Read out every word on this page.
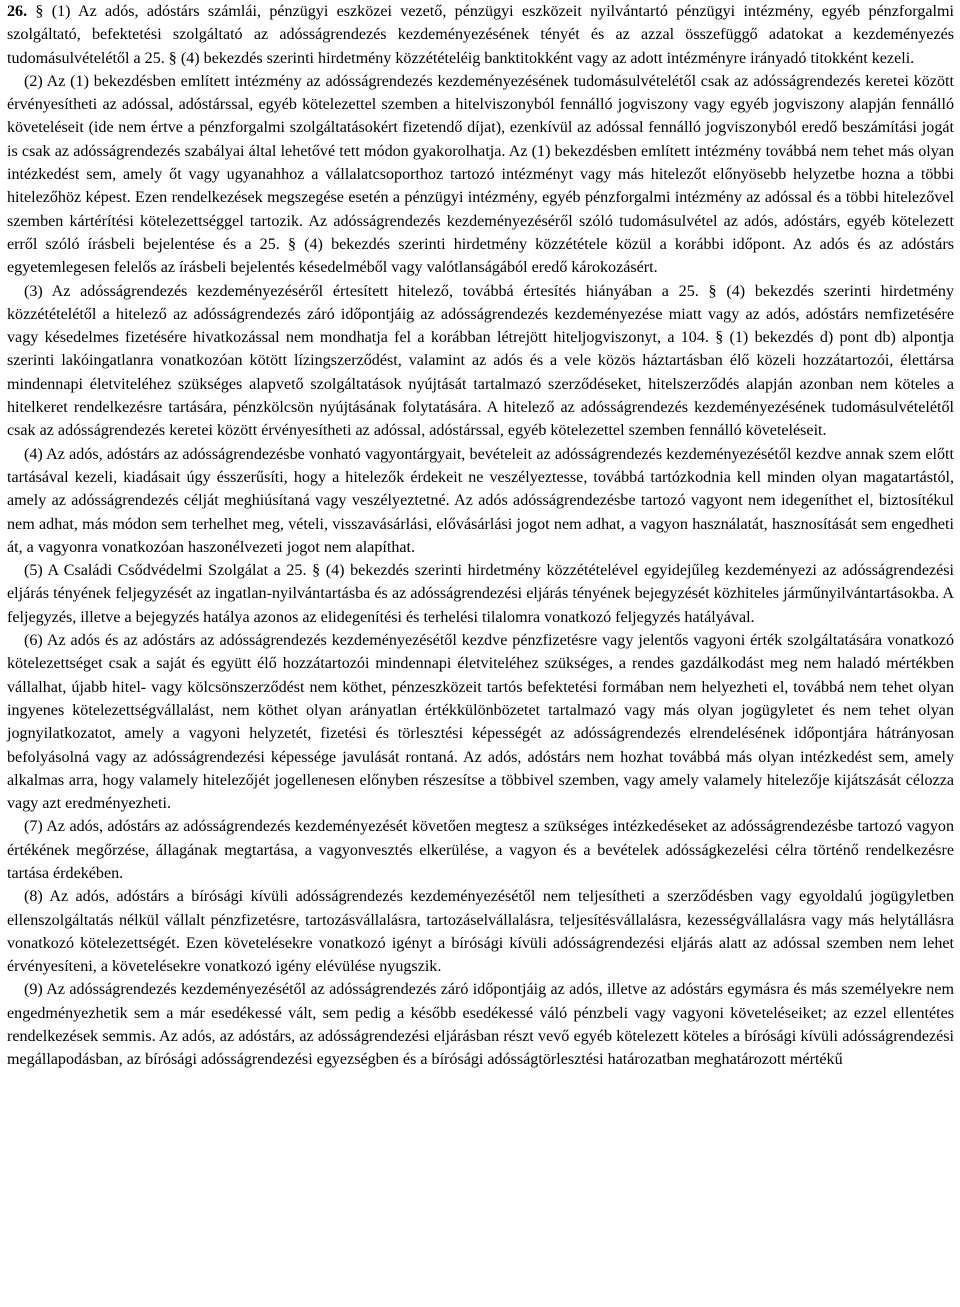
26. § (1) Az adós, adóstárs számlái, pénzügyi eszközei vezető, pénzügyi eszközeit nyilvántartó pénzügyi intézmény, egyéb pénzforgalmi szolgáltató, befektetési szolgáltató az adósságrendezés kezdeményezésének tényét és az azzal összefüggő adatokat a kezdeményezés tudomásulvételétől a 25. § (4) bekezdés szerinti hirdetmény közzétételéig banktitokként vagy az adott intézményre irányadó titokként kezeli.

(2) Az (1) bekezdésben említett intézmény az adósságrendezés kezdeményezésének tudomásulvételétől csak az adósságrendezés keretei között érvényesítheti az adóssal, adóstárssal, egyéb kötelezettel szemben a hitelviszonyból fennálló jogviszony vagy egyéb jogviszony alapján fennálló követeléseit (ide nem értve a pénzforgalmi szolgáltatásokért fizetendő díjat), ezenkívül az adóssal fennálló jogviszonyból eredő beszámítási jogát is csak az adósságrendezés szabályai által lehetővé tett módon gyakorolhatja. Az (1) bekezdésben említett intézmény továbbá nem tehet más olyan intézkedést sem, amely őt vagy ugyanahhoz a vállalatcsoporthoz tartozó intézményt vagy más hitelezőt előnyösebb helyzetbe hozna a többi hitelezőhöz képest. Ezen rendelkezések megszegése esetén a pénzügyi intézmény, egyéb pénzforgalmi intézmény az adóssal és a többi hitelezővel szemben kártérítési kötelezettséggel tartozik. Az adósságrendezés kezdeményezéséről szóló tudomásulvétel az adós, adóstárs, egyéb kötelezett erről szóló írásbeli bejelentése és a 25. § (4) bekezdés szerinti hirdetmény közzététele közül a korábbi időpont. Az adós és az adóstárs egyetemlegesen felelős az írásbeli bejelentés késedelméből vagy valótlanságából eredő károkozásért.

(3) Az adósságrendezés kezdeményezéséről értesített hitelező, továbbá értesítés hiányában a 25. § (4) bekezdés szerinti hirdetmény közzétételétől a hitelező az adósságrendezés záró időpontjáig az adósságrendezés kezdeményezése miatt vagy az adós, adóstárs nemfizetésére vagy késedelmes fizetésére hivatkozással nem mondhatja fel a korábban létrejött hiteljogviszonyt, a 104. § (1) bekezdés d) pont db) alpontja szerinti lakóingatlanra vonatkozóan kötött lízingszerződést, valamint az adós és a vele közös háztartásban élő közeli hozzátartozói, élettársa mindennapi életviteléhez szükséges alapvető szolgáltatások nyújtását tartalmazó szerződéseket, hitelszerződés alapján azonban nem köteles a hitelkeret rendelkezésre tartására, pénzkölcsön nyújtásának folytatására. A hitelező az adósságrendezés kezdeményezésének tudomásulvételétől csak az adósságrendezés keretei között érvényesítheti az adóssal, adóstárssal, egyéb kötelezettel szemben fennálló követeléseit.

(4) Az adós, adóstárs az adósságrendezésbe vonható vagyontárgyait, bevételeit az adósságrendezés kezdeményezésétől kezdve annak szem előtt tartásával kezeli, kiadásait úgy ésszerűsíti, hogy a hitelezők érdekeit ne veszélyeztesse, továbbá tartózkodnia kell minden olyan magatartástól, amely az adósságrendezés célját meghiúsítaná vagy veszélyeztetné. Az adós adósságrendezésbe tartozó vagyont nem idegeníthet el, biztosítékul nem adhat, más módon sem terhelhet meg, vételi, visszavásárlási, elővásárlási jogot nem adhat, a vagyon használatát, hasznosítását sem engedheti át, a vagyonra vonatkozóan haszonélvezeti jogot nem alapíthat.

(5) A Családi Csődvédelmi Szolgálat a 25. § (4) bekezdés szerinti hirdetmény közzétételével egyidejűleg kezdeményezi az adósságrendezési eljárás tényének feljegyzését az ingatlan-nyilvántartásba és az adósságrendezési eljárás tényének bejegyzését közhiteles járműnyilvántartásokba. A feljegyzés, illetve a bejegyzés hatálya azonos az elidegenítési és terhelési tilalomra vonatkozó feljegyzés hatályával.

(6) Az adós és az adóstárs az adósságrendezés kezdeményezésétől kezdve pénzfizetésre vagy jelentős vagyoni érték szolgáltatására vonatkozó kötelezettséget csak a saját és együtt élő hozzátartozói mindennapi életviteléhez szükséges, a rendes gazdálkodást meg nem haladó mértékben vállalhat, újabb hitel- vagy kölcsönszerződést nem köthet, pénzeszközeit tartós befektetési formában nem helyezheti el, továbbá nem tehet olyan ingyenes kötelezettségvállalást, nem köthet olyan arányatlan értékkülönbözetet tartalmazó vagy más olyan jogügyletet és nem tehet olyan jognyilatkozatot, amely a vagyoni helyzetét, fizetési és törlesztési képességét az adósságrendezés elrendelésének időpontjára hátrányosan befolyásolná vagy az adósságrendezési képessége javulását rontaná. Az adós, adóstárs nem hozhat továbbá más olyan intézkedést sem, amely alkalmas arra, hogy valamely hitelezőjét jogellenesen előnyben részesítse a többivel szemben, vagy amely valamely hitelezője kijátszását célozza vagy azt eredményezheti.

(7) Az adós, adóstárs az adósságrendezés kezdeményezését követően megtesz a szükséges intézkedéseket az adósságrendezésbe tartozó vagyon értékének megőrzése, állagának megtartása, a vagyonvesztés elkerülése, a vagyon és a bevételek adósságkezelési célra történő rendelkezésre tartása érdekében.

(8) Az adós, adóstárs a bírósági kívüli adósságrendezés kezdeményezésétől nem teljesítheti a szerződésben vagy egyoldalú jogügyletben ellenszolgáltatás nélkül vállalt pénzfizetésre, tartozásvállalásra, tartozáselvállalásra, teljesítésvállalásra, kezességvállalásra vagy más helytállásra vonatkozó kötelezettségét. Ezen követelésekre vonatkozó igényt a bírósági kívüli adósságrendezési eljárás alatt az adóssal szemben nem lehet érvényesíteni, a követelésekre vonatkozó igény elévülése nyugszik.

(9) Az adósságrendezés kezdeményezésétől az adósságrendezés záró időpontjáig az adós, illetve az adóstárs egymásra és más személyekre nem engedményezhetik sem a már esedékessé vált, sem pedig a később esedékessé váló pénzbeli vagy vagyoni követeléseiket; az ezzel ellentétes rendelkezések semmis. Az adós, az adóstárs, az adósságrendezési eljárásban részt vevő egyéb kötelezett köteles a bírósági kívüli adósságrendezési megállapodásban, az bírósági adósságrendezési egyezségben és a bírósági adósságtörlesztési határozatban meghatározott mértékű
